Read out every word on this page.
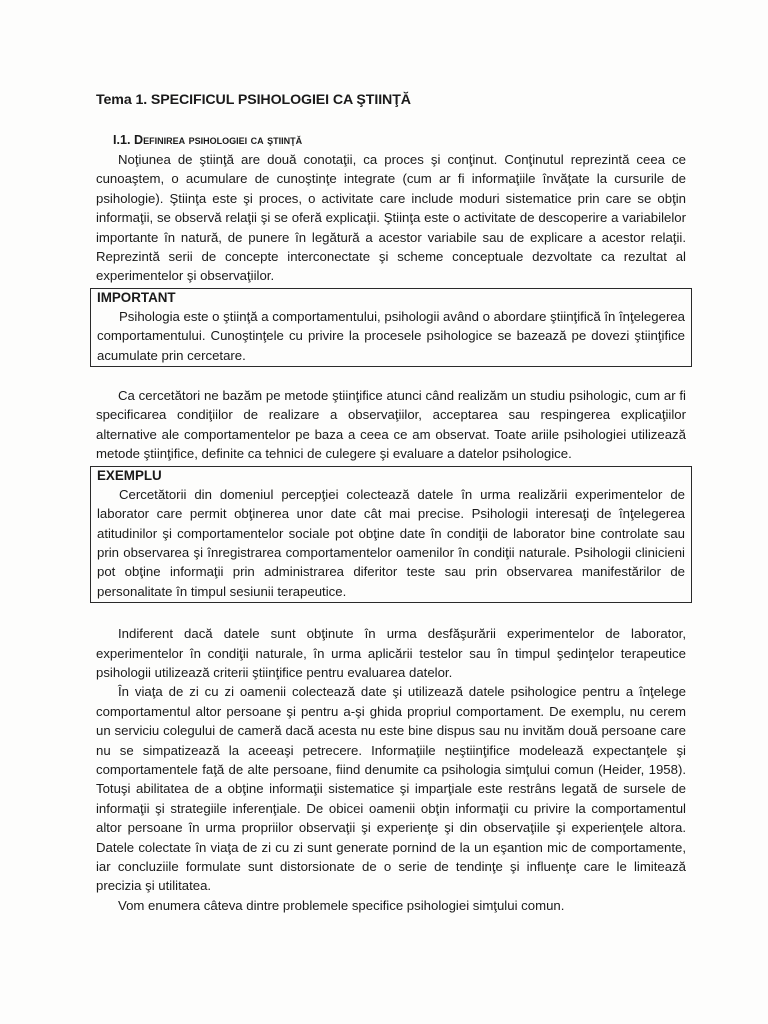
Tema 1. SPECIFICUL PSIHOLOGIEI CA ŞTIINŢĂ
I.1. Definirea psihologiei ca ştiinţă

Noţiunea de ştiinţă are două conotaţii, ca proces şi conţinut. Conţinutul reprezintă ceea ce cunoaştem, o acumulare de cunoştinţe integrate (cum ar fi informaţiile învăţate la cursurile de psihologie). Ştiinţa este şi proces, o activitate care include moduri sistematice prin care se obţin informaţii, se observă relaţii şi se oferă explicaţii. Ştiinţa este o activitate de descoperire a variabilelor importante în natură, de punere în legătură a acestor variabile sau de explicare a acestor relaţii. Reprezintă serii de concepte interconectate şi scheme conceptuale dezvoltate ca rezultat al experimentelor şi observaţiilor.

IMPORTANT

Psihologia este o ştiinţă a comportamentului, psihologii având o abordare ştiinţifică în înţelegerea comportamentului. Cunoştinţele cu privire la procesele psihologice se bazează pe dovezi ştiinţifice acumulate prin cercetare.

Ca cercetători ne bazăm pe metode ştiinţifice atunci când realizăm un studiu psihologic, cum ar fi specificarea condiţiilor de realizare a observaţiilor, acceptarea sau respingerea explicaţiilor alternative ale comportamentelor pe baza a ceea ce am observat. Toate ariile psihologiei utilizează metode ştiinţifice, definite ca tehnici de culegere şi evaluare a datelor psihologice.

EXEMPLU

Cercetătorii din domeniul percepţiei colectează datele în urma realizării experimentelor de laborator care permit obţinerea unor date cât mai precise. Psihologii interesaţi de înţelegerea atitudinilor şi comportamentelor sociale pot obţine date în condiţii de laborator bine controlate sau prin observarea şi înregistrarea comportamentelor oamenilor în condiţii naturale. Psihologii clinicieni pot obţine informaţii prin administrarea diferitor teste sau prin observarea manifestărilor de personalitate în timpul sesiunii terapeutice.

Indiferent dacă datele sunt obţinute în urma desfăşurării experimentelor de laborator, experimentelor în condiţii naturale, în urma aplicării testelor sau în timpul şedinţelor terapeutice psihologii utilizează criterii ştiinţifice pentru evaluarea datelor.

În viaţa de zi cu zi oamenii colectează date şi utilizează datele psihologice pentru a înţelege comportamentul altor persoane şi pentru a-şi ghida propriul comportament. De exemplu, nu cerem un serviciu colegului de cameră dacă acesta nu este bine dispus sau nu invităm două persoane care nu se simpatizează la aceeaşi petrecere. Informaţiile neştiinţifice modelează expectanţele şi comportamentele faţă de alte persoane, fiind denumite ca psihologia simţului comun (Heider, 1958). Totuşi abilitatea de a obţine informaţii sistematice şi imparţiale este restrâns legată de sursele de informaţii şi strategiile inferenţiale. De obicei oamenii obţin informaţii cu privire la comportamentul altor persoane în urma propriilor observaţii şi experienţe şi din observaţiile şi experienţele altora. Datele colectate în viaţa de zi cu zi sunt generate pornind de la un eşantion mic de comportamente, iar concluziile formulate sunt distorsionate de o serie de tendinţe şi influenţe care le limitează precizia şi utilitatea.

Vom enumera câteva dintre problemele specifice psihologiei simţului comun.
